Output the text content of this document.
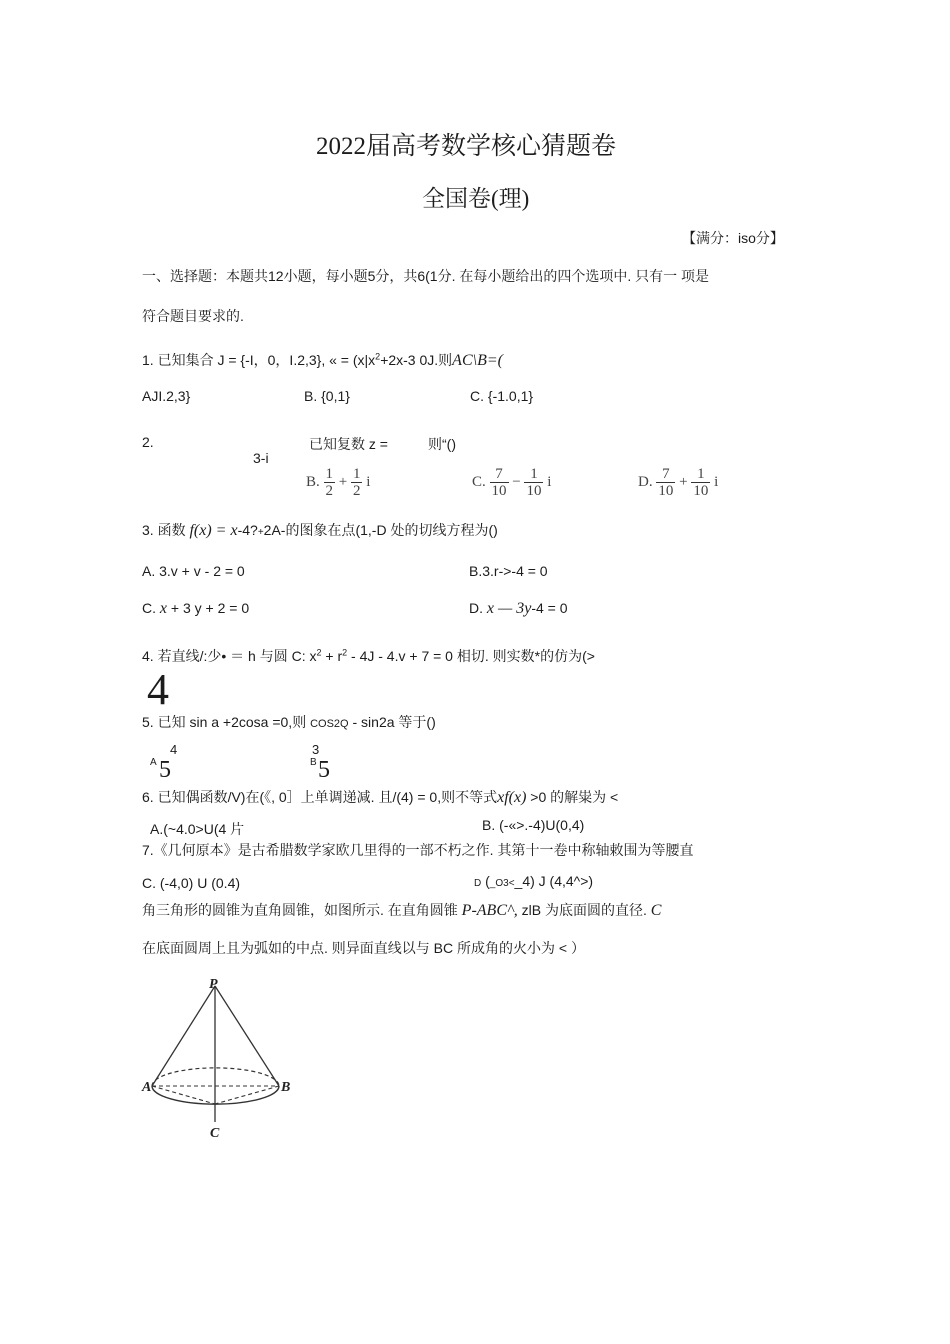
2022届高考数学核心猜题卷
全国卷(理)
【满分：iso分】
一、选择题：本题共12小题，每小题5分，共6(1分. 在每小题给出的四个选项中. 只有一 项是
符合题目要求的.
1. 已知集合 J = {-I，0，I.2,3}, « = ($x|x^2+2x-3$ 0J.则AC\B=(
AJI.2,3}	B. {0,1}	C. {-1.0,1}
2.	已知复数 z =	则“()
3-i
B. $\frac{1}{2} + \frac{1}{2}$ i	C. $\frac{7}{10} - \frac{1}{10}$ i	D. $\frac{7}{10} + \frac{1}{10}$ i
3. 函数 f(x) = x-4?+2A-的图象在点(1,-D 处的切线方程为()
A. 3.v + v - 2 = 0	B.3.r->-4 = 0
C. x + 3 y + 2 = 0	D. x — 3y-4 = 0
4. 若直线/:少• ＝ h 与圆 C: $x^2 + r^2 - 4J - 4.v + 7 = 0$ 相切. 则实数*的仿为(>
4
5. 已知 sin a +2cosa =0,则 COS2Q - sin2a 等于()
4
A 5
3
B 5
6. 已知偶函数/V)在(《, 0］上单调递减. 且/(4) = 0,则不等式xf(x) >0 的解粜为 <
A.(~4.0>U(4 片	B. (-«>.-4)U(0,4)
7.《几何原本》是古希腊数学家欧几里得的一部不朽之作. 其第十一卷中称轴敕围为等腰直
C. (-4,0) U (0.4)	D (_O3<_4) J (4,4^>)
角三角形的圆锥为直角圆锥，如图所示. 在直角圆锥 P-ABC^, zlB 为底面圆的直径. C
在底面圆周上且为弧如的中点. 则异面直线以与 BC 所成角的火小为 < ）
P
A	B
C
